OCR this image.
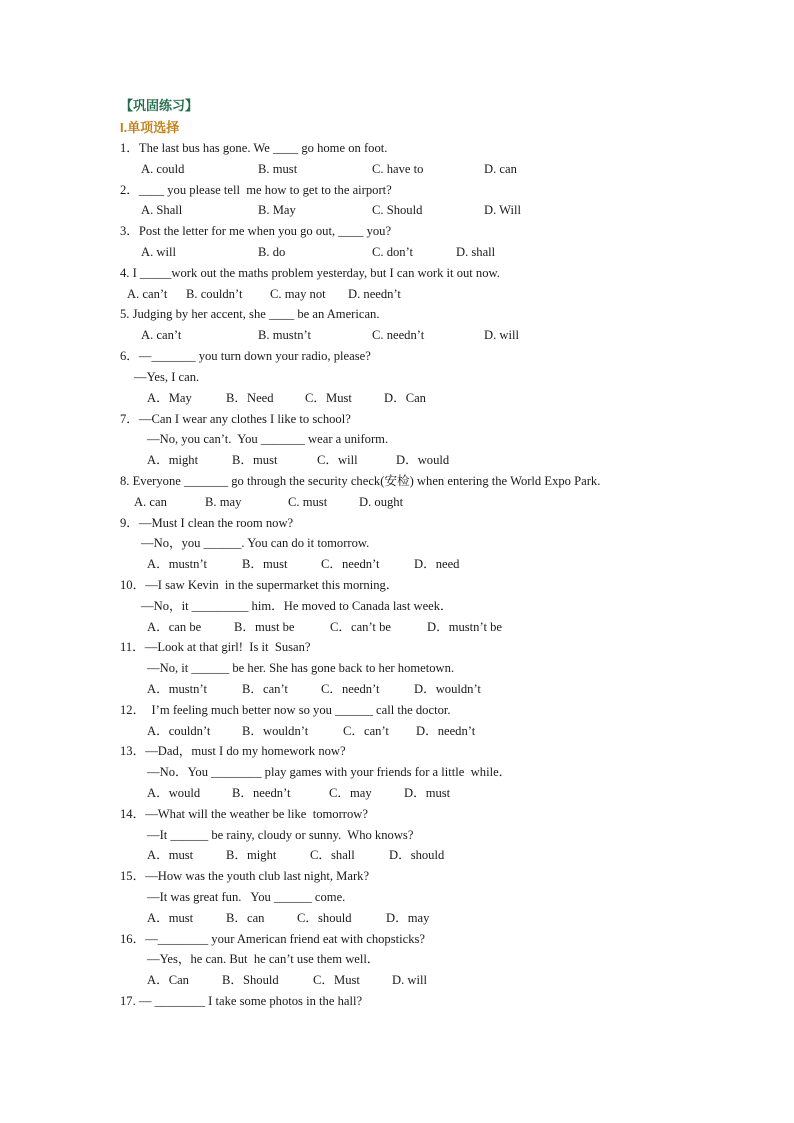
【巩固练习】
I.单项选择
1．The last bus has gone. We ____ go home on foot.
A. could	B. must	C. have to	D. can
2．____ you please tell  me how to get to the airport?
A. Shall	B. May	C. Should	D. Will
3．Post the letter for me when you go out, ____ you?
A. will	B. do	C. don’t	D. shall
4. I _____work out the maths problem yesterday, but I can work it out now.
A. can’t B. couldn’t C. may not D. needn’t
5. Judging by her accent, she ____ be an American.
A. can’t	B. mustn’t	C. needn’t	D. will
6．—_______ you turn down your radio, please?
—Yes, I can.
A．May	B．Need C．Must	D．Can
7．—Can I wear any clothes I like to school?
—No, you can’t.  You _______ wear a uniform.
A．might	B．must	C．will	D．would
8. Everyone _______ go through the security check(安检) when entering the World Expo Park.
A. can	B. may	C. must	D. ought
9．—Must I clean the room now?
—No，you ______. You can do it tomorrow.
A．mustn’t	B．must	C．needn’t	D．need
10．—I saw Kevin  in the supermarket this morning．
—No，it _________ him．He moved to Canada last week．
A．can be	B．must be	C．can’t be	D．mustn’t be
11．—Look at that girl!  Is it  Susan?
—No, it ______ be her. She has gone back to her hometown.
A．mustn’t	B．can’t	C．needn’t	D．wouldn’t
12．  I’m feeling much better now so you ______ call the doctor.
A．couldn’t	B．wouldn’t	C．can’t D．needn’t
13．—Dad，must I do my homework now?
—No．You ________ play games with your friends for a little  while．
A．would	B．needn’t	C．may	D．must
14．—What will the weather be like  tomorrow?
—It ______ be rainy, cloudy or sunny.  Who knows?
A．must	B．might	C．shall	D．should
15．—How was the youth club last night, Mark?
—It was great fun.   You ______ come.
A．must	B．can	C．should	D．may
16．—________ your American friend eat with chopsticks?
—Yes，he can. But  he can’t use them well．
A．Can	B．Should	C．Must	D. will
17. — ________ I take some photos in the hall?
